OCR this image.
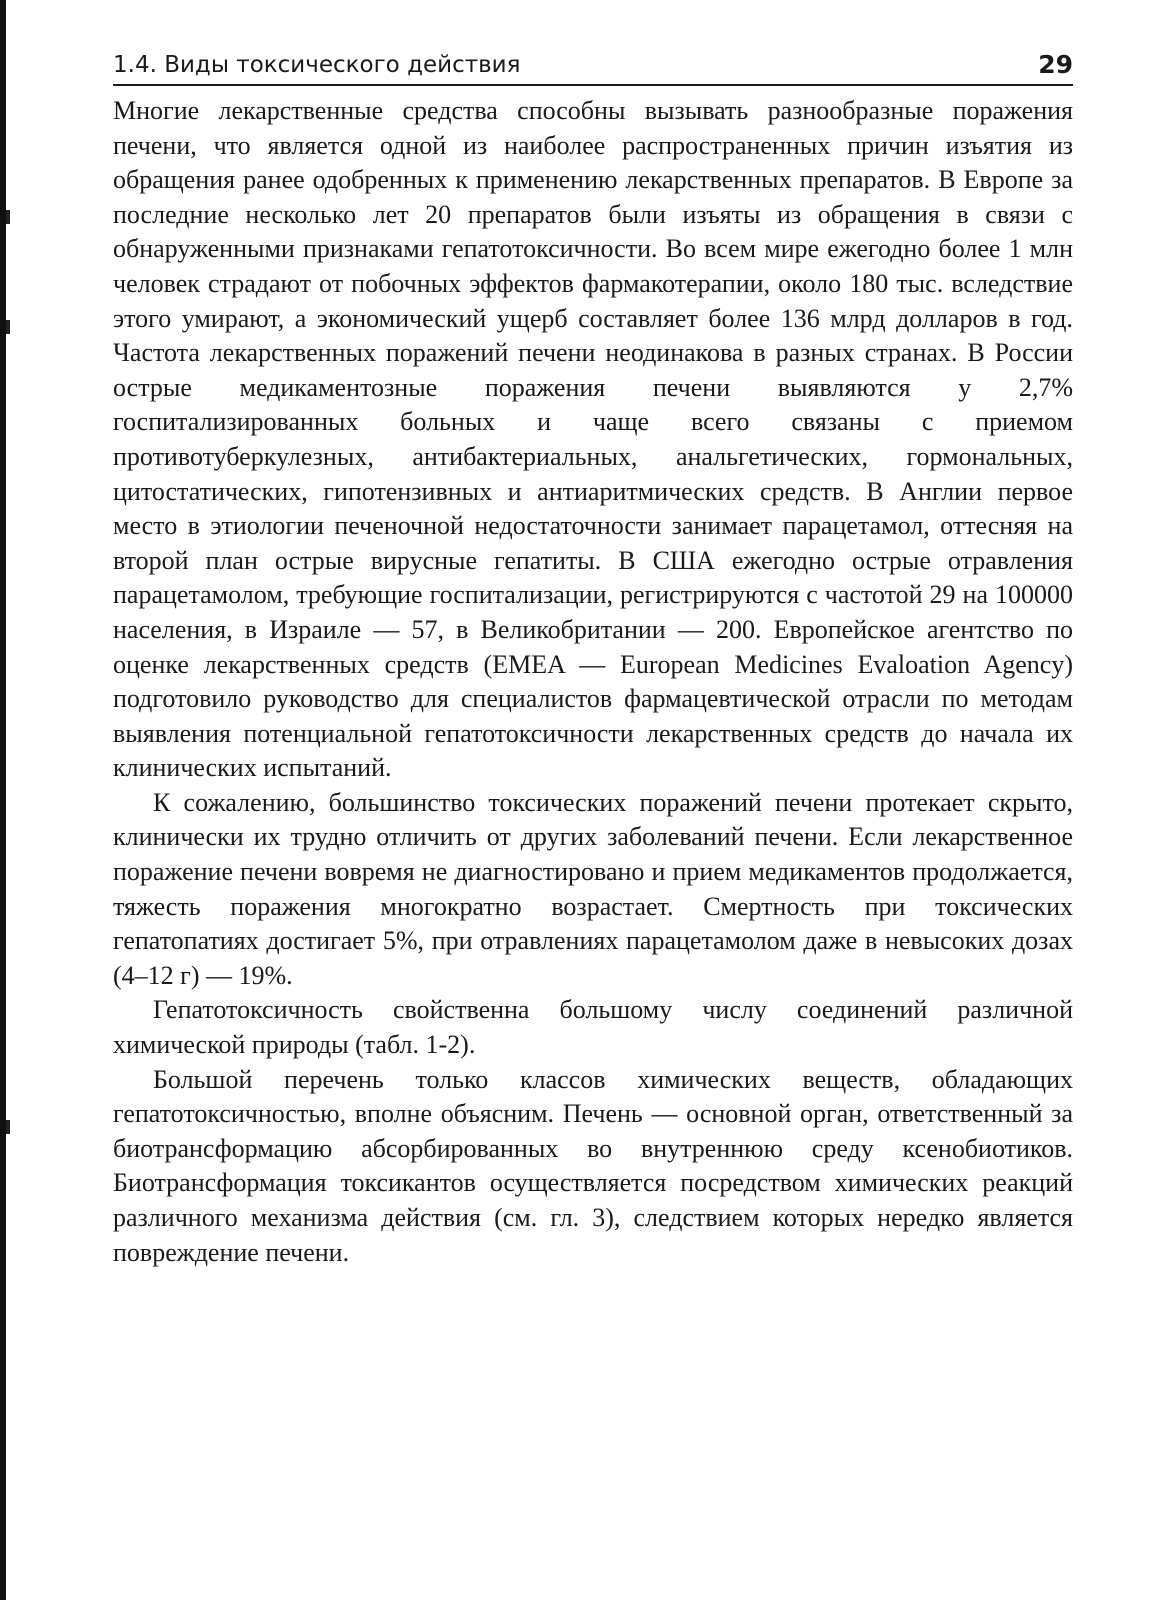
1.4. Виды токсического действия	29

Многие лекарственные средства способны вызывать разнообразные поражения печени, что является одной из наиболее распространенных причин изъятия из обращения ранее одобренных к применению лекарственных препаратов. В Европе за последние несколько лет 20 препаратов были изъяты из обращения в связи с обнаруженными признаками гепатотоксичности. Во всем мире ежегодно более 1 млн человек страдают от побочных эффектов фармакотерапии, около 180 тыс. вследствие этого умирают, а экономический ущерб составляет более 136 млрд долларов в год. Частота лекарственных поражений печени неодинакова в разных странах. В России острые медикаментозные поражения печени выявляются у 2,7% госпитализированных больных и чаще всего связаны с приемом противотуберкулезных, антибактериальных, анальгетических, гормональных, цитостатических, гипотензивных и антиаритмических средств. В Англии первое место в этиологии печеночной недостаточности занимает парацетамол, оттесняя на второй план острые вирусные гепатиты. В США ежегодно острые отравления парацетамолом, требующие госпитализации, регистрируются с частотой 29 на 100000 населения, в Израиле — 57, в Великобритании — 200. Европейское агентство по оценке лекарственных средств (EMEA — European Medicines Evaloation Agency) подготовило руководство для специалистов фармацевтической отрасли по методам выявления потенциальной гепатотоксичности лекарственных средств до начала их клинических испытаний.

К сожалению, большинство токсических поражений печени протекает скрыто, клинически их трудно отличить от других заболеваний печени. Если лекарственное поражение печени вовремя не диагностировано и прием медикаментов продолжается, тяжесть поражения многократно возрастает. Смертность при токсических гепатопатиях достигает 5%, при отравлениях парацетамолом даже в невысоких дозах (4–12 г) — 19%.

Гепатотоксичность свойственна большому числу соединений различной химической природы (табл. 1-2).

Большой перечень только классов химических веществ, обладающих гепатотоксичностью, вполне объясним. Печень — основной орган, ответственный за биотрансформацию абсорбированных во внутреннюю среду ксенобиотиков. Биотрансформация токсикантов осуществляется посредством химических реакций различного механизма действия (см. гл. 3), следствием которых нередко является повреждение печени.
